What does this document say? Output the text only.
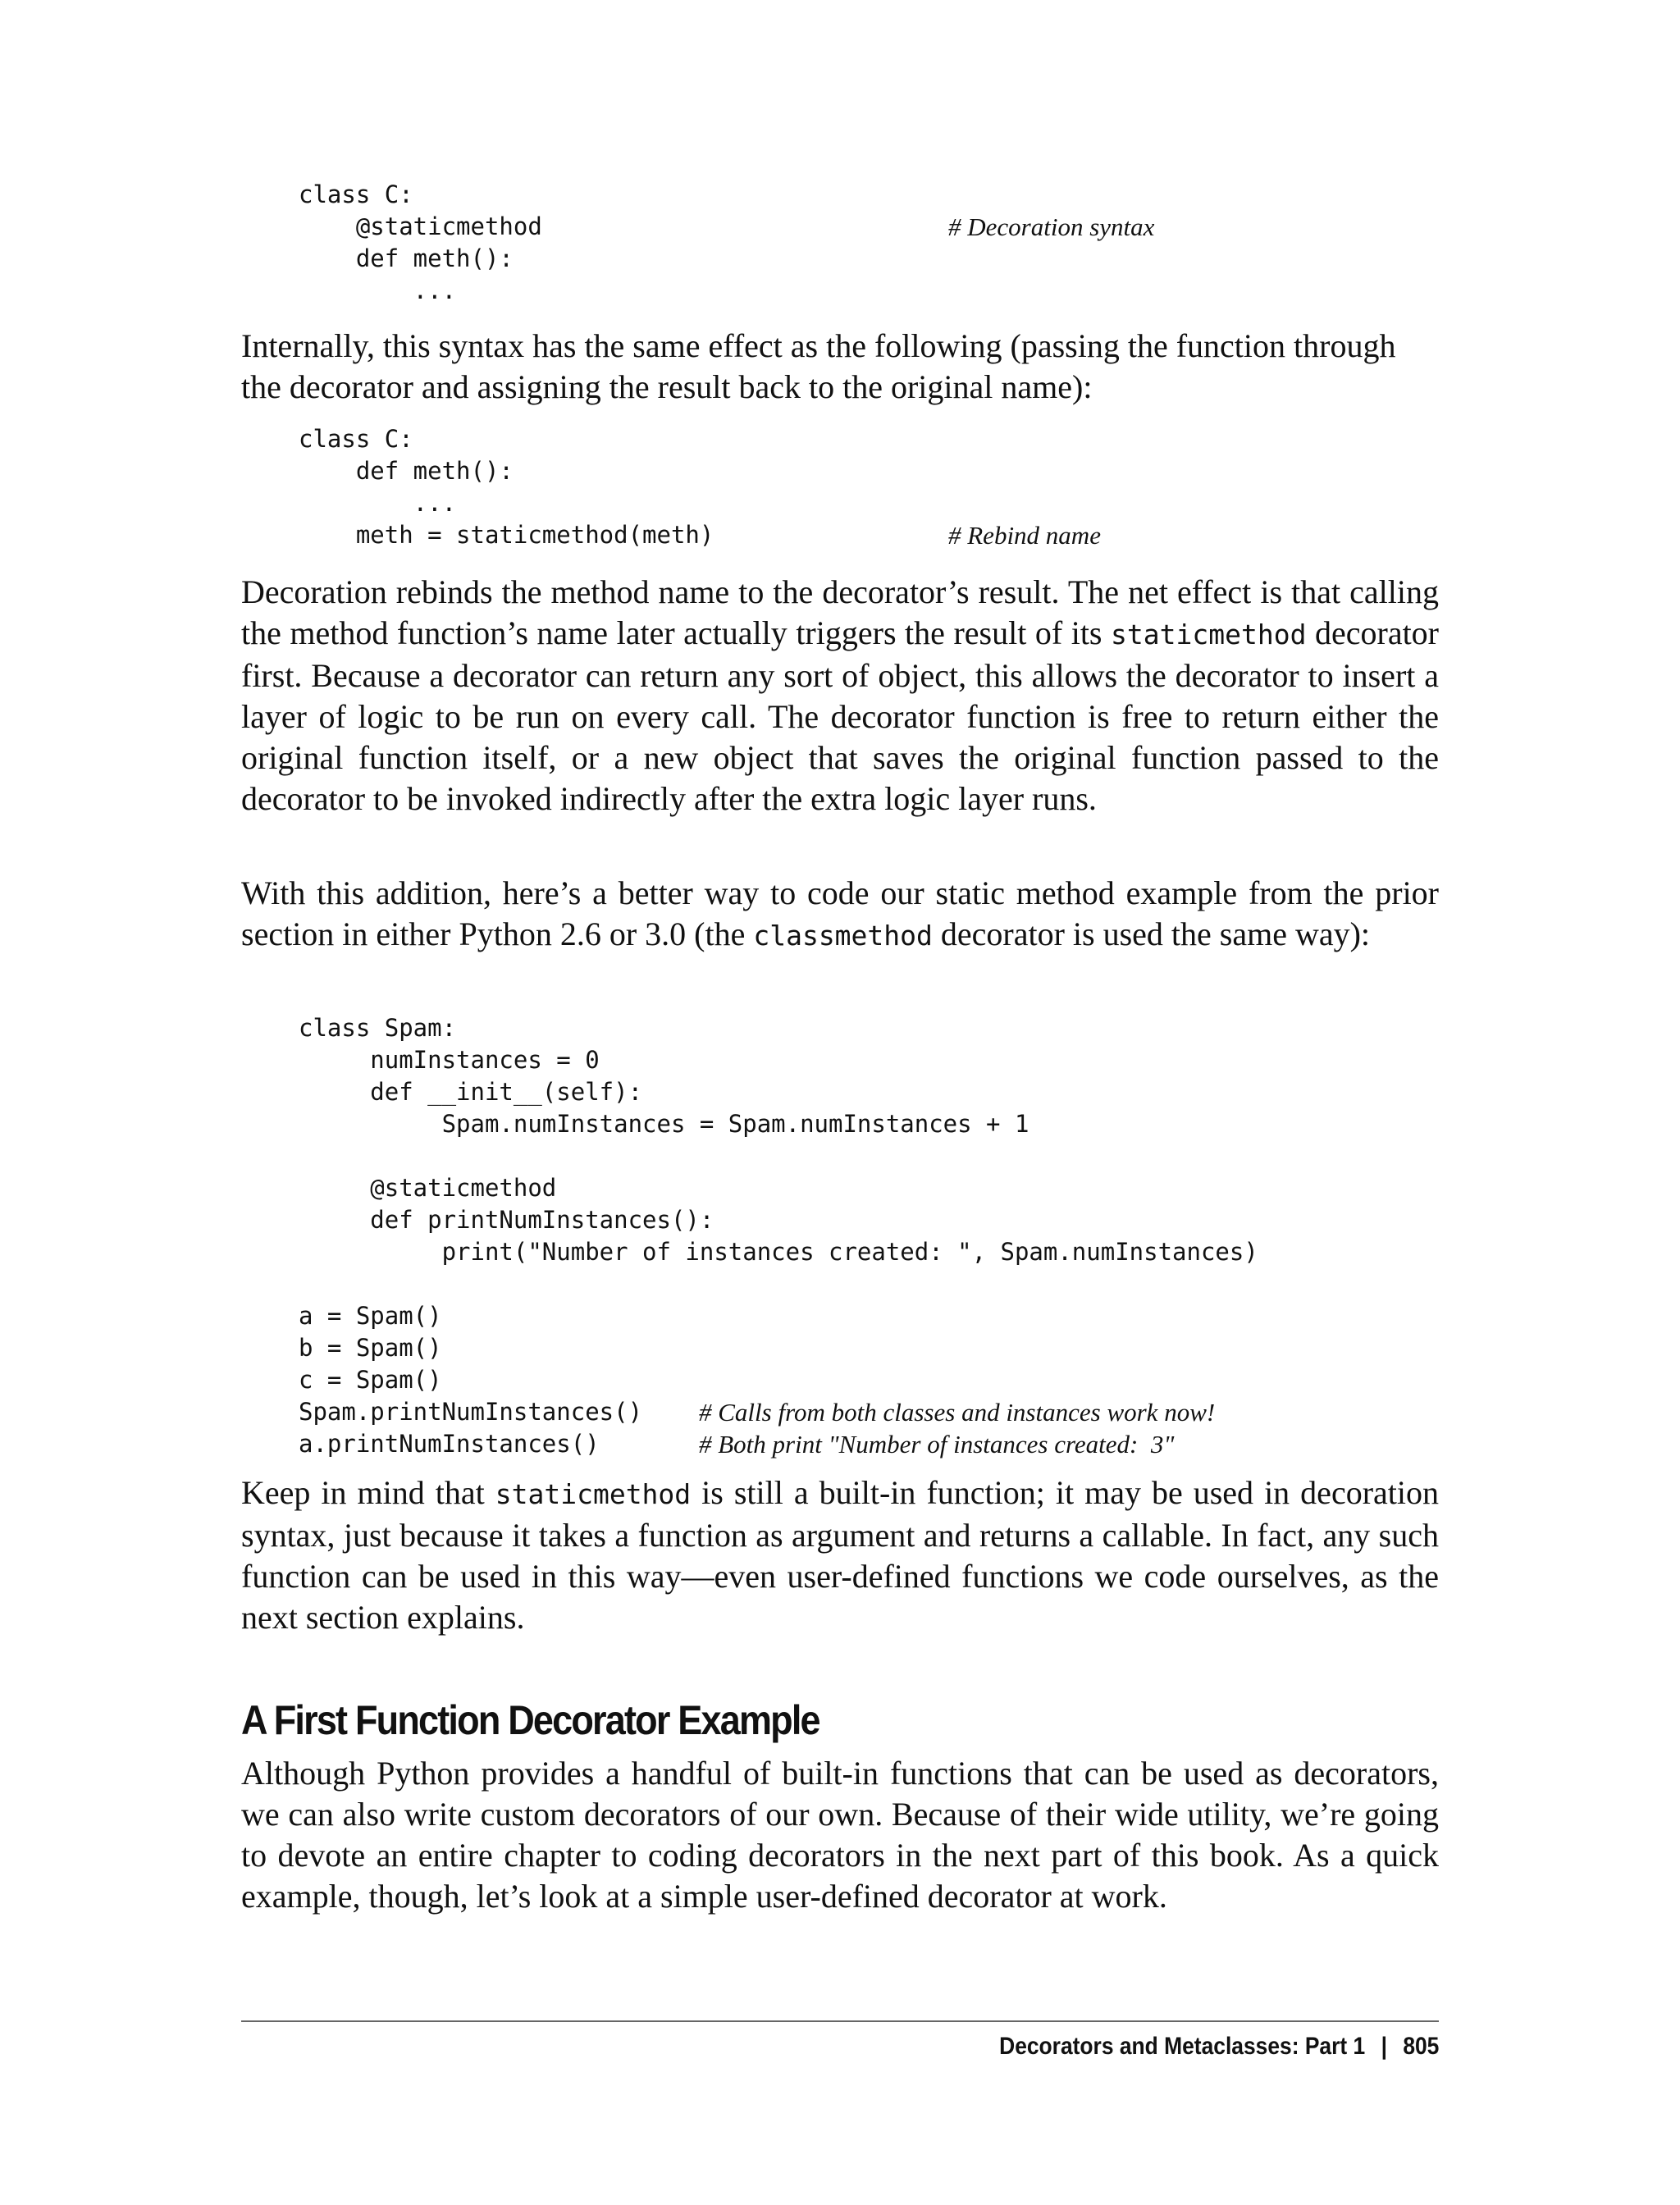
class C:
@staticmethod	# Decoration syntax
def meth():
...

Internally, this syntax has the same effect as the following (passing the function through the decorator and assigning the result back to the original name):

class C:
def meth():
...
meth = staticmethod(meth)	# Rebind name

Decoration rebinds the method name to the decorator’s result. The net effect is that calling the method function’s name later actually triggers the result of its staticmethod decorator first. Because a decorator can return any sort of object, this allows the decorator to insert a layer of logic to be run on every call. The decorator function is free to return either the original function itself, or a new object that saves the original function passed to the decorator to be invoked indirectly after the extra logic layer runs.

With this addition, here’s a better way to code our static method example from the prior section in either Python 2.6 or 3.0 (the classmethod decorator is used the same way):

class Spam:
numInstances = 0
def __init__(self):
Spam.numInstances = Spam.numInstances + 1
@staticmethod
def printNumInstances():
print("Number of instances created: ", Spam.numInstances)
a = Spam()
b = Spam()
c = Spam()
Spam.printNumInstances() # Calls from both classes and instances work now!
a.printNumInstances()	# Both print "Number of instances created:  3"

Keep in mind that staticmethod is still a built-in function; it may be used in decoration syntax, just because it takes a function as argument and returns a callable. In fact, any such function can be used in this way—even user-defined functions we code ourselves, as the next section explains.

A First Function Decorator Example

Although Python provides a handful of built-in functions that can be used as decorators, we can also write custom decorators of our own. Because of their wide utility, we’re going to devote an entire chapter to coding decorators in the next part of this book. As a quick example, though, let’s look at a simple user-defined decorator at work.

Decorators and Metaclasses: Part 1 | 805
